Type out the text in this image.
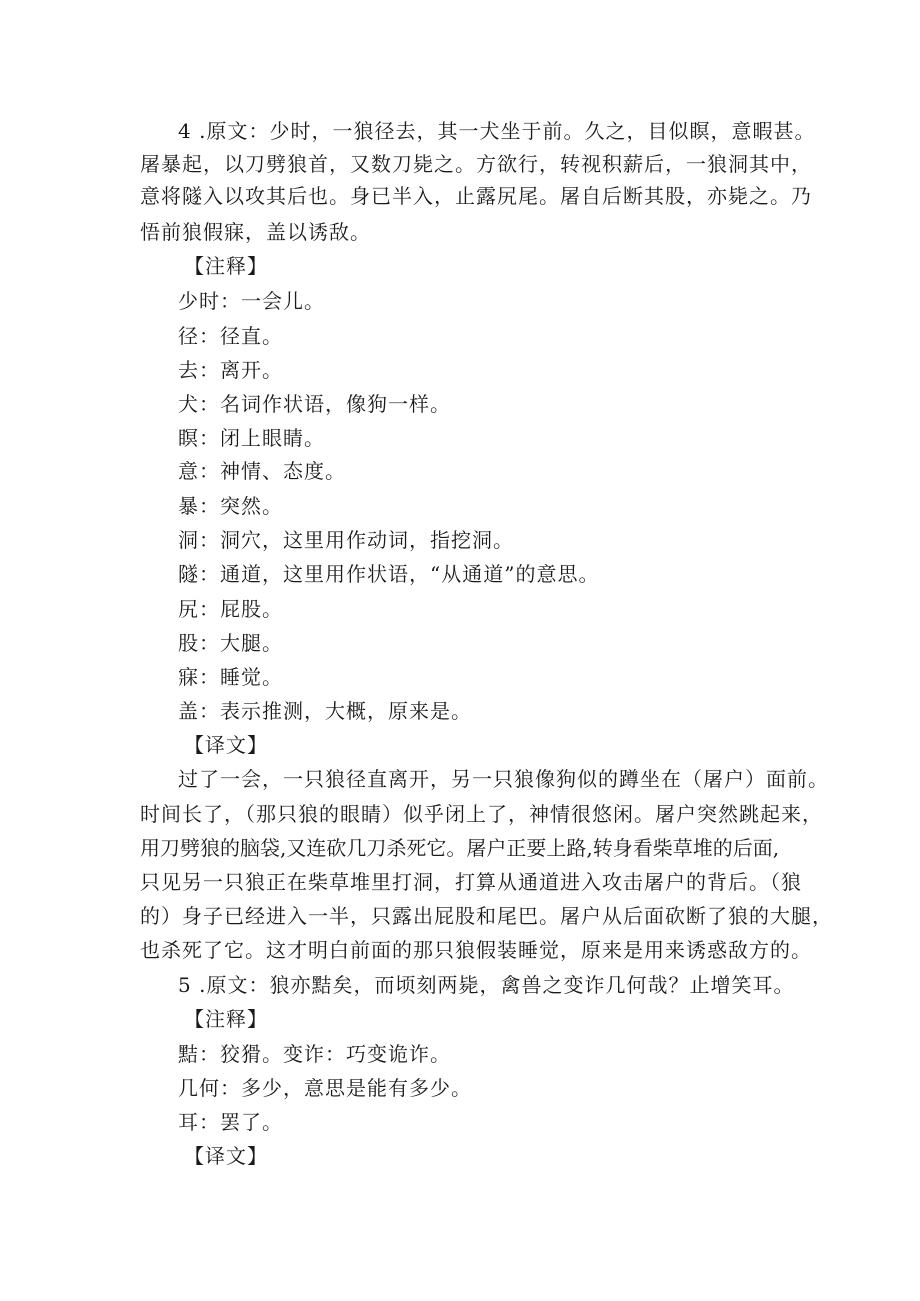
4 .原文：少时，一狼径去，其一犬坐于前。久之，目似瞑，意暇甚。
屠暴起，以刀劈狼首，又数刀毙之。方欲行，转视积薪后，一狼洞其中，
意将隧入以攻其后也。身已半入，止露尻尾。屠自后断其股，亦毙之。乃
悟前狼假寐，盖以诱敌。
【注释】
少时：一会儿。
径：径直。
去：离开。
犬：名词作状语，像狗一样。
瞑：闭上眼睛。
意：神情、态度。
暴：突然。
洞：洞穴，这里用作动词，指挖洞。
隧：通道，这里用作状语，“从通道”的意思。
尻：屁股。
股：大腿。
寐：睡觉。
盖：表示推测，大概，原来是。
【译文】
过了一会，一只狼径直离开，另一只狼像狗似的蹲坐在（屠户）面前。
时间长了，（那只狼的眼睛）似乎闭上了，神情很悠闲。屠户突然跳起来，
用刀劈狼的脑袋,又连砍几刀杀死它。屠户正要上路,转身看柴草堆的后面,
只见另一只狼正在柴草堆里打洞，打算从通道进入攻击屠户的背后。（狼
的）身子已经进入一半，只露出屁股和尾巴。屠户从后面砍断了狼的大腿，
也杀死了它。这才明白前面的那只狼假装睡觉，原来是用来诱惑敌方的。
5 .原文：狼亦黠矣，而顷刻两毙，禽兽之变诈几何哉？止增笑耳。
【注释】
黠：狡猾。变诈：巧变诡诈。
几何：多少，意思是能有多少。
耳：罢了。
【译文】
